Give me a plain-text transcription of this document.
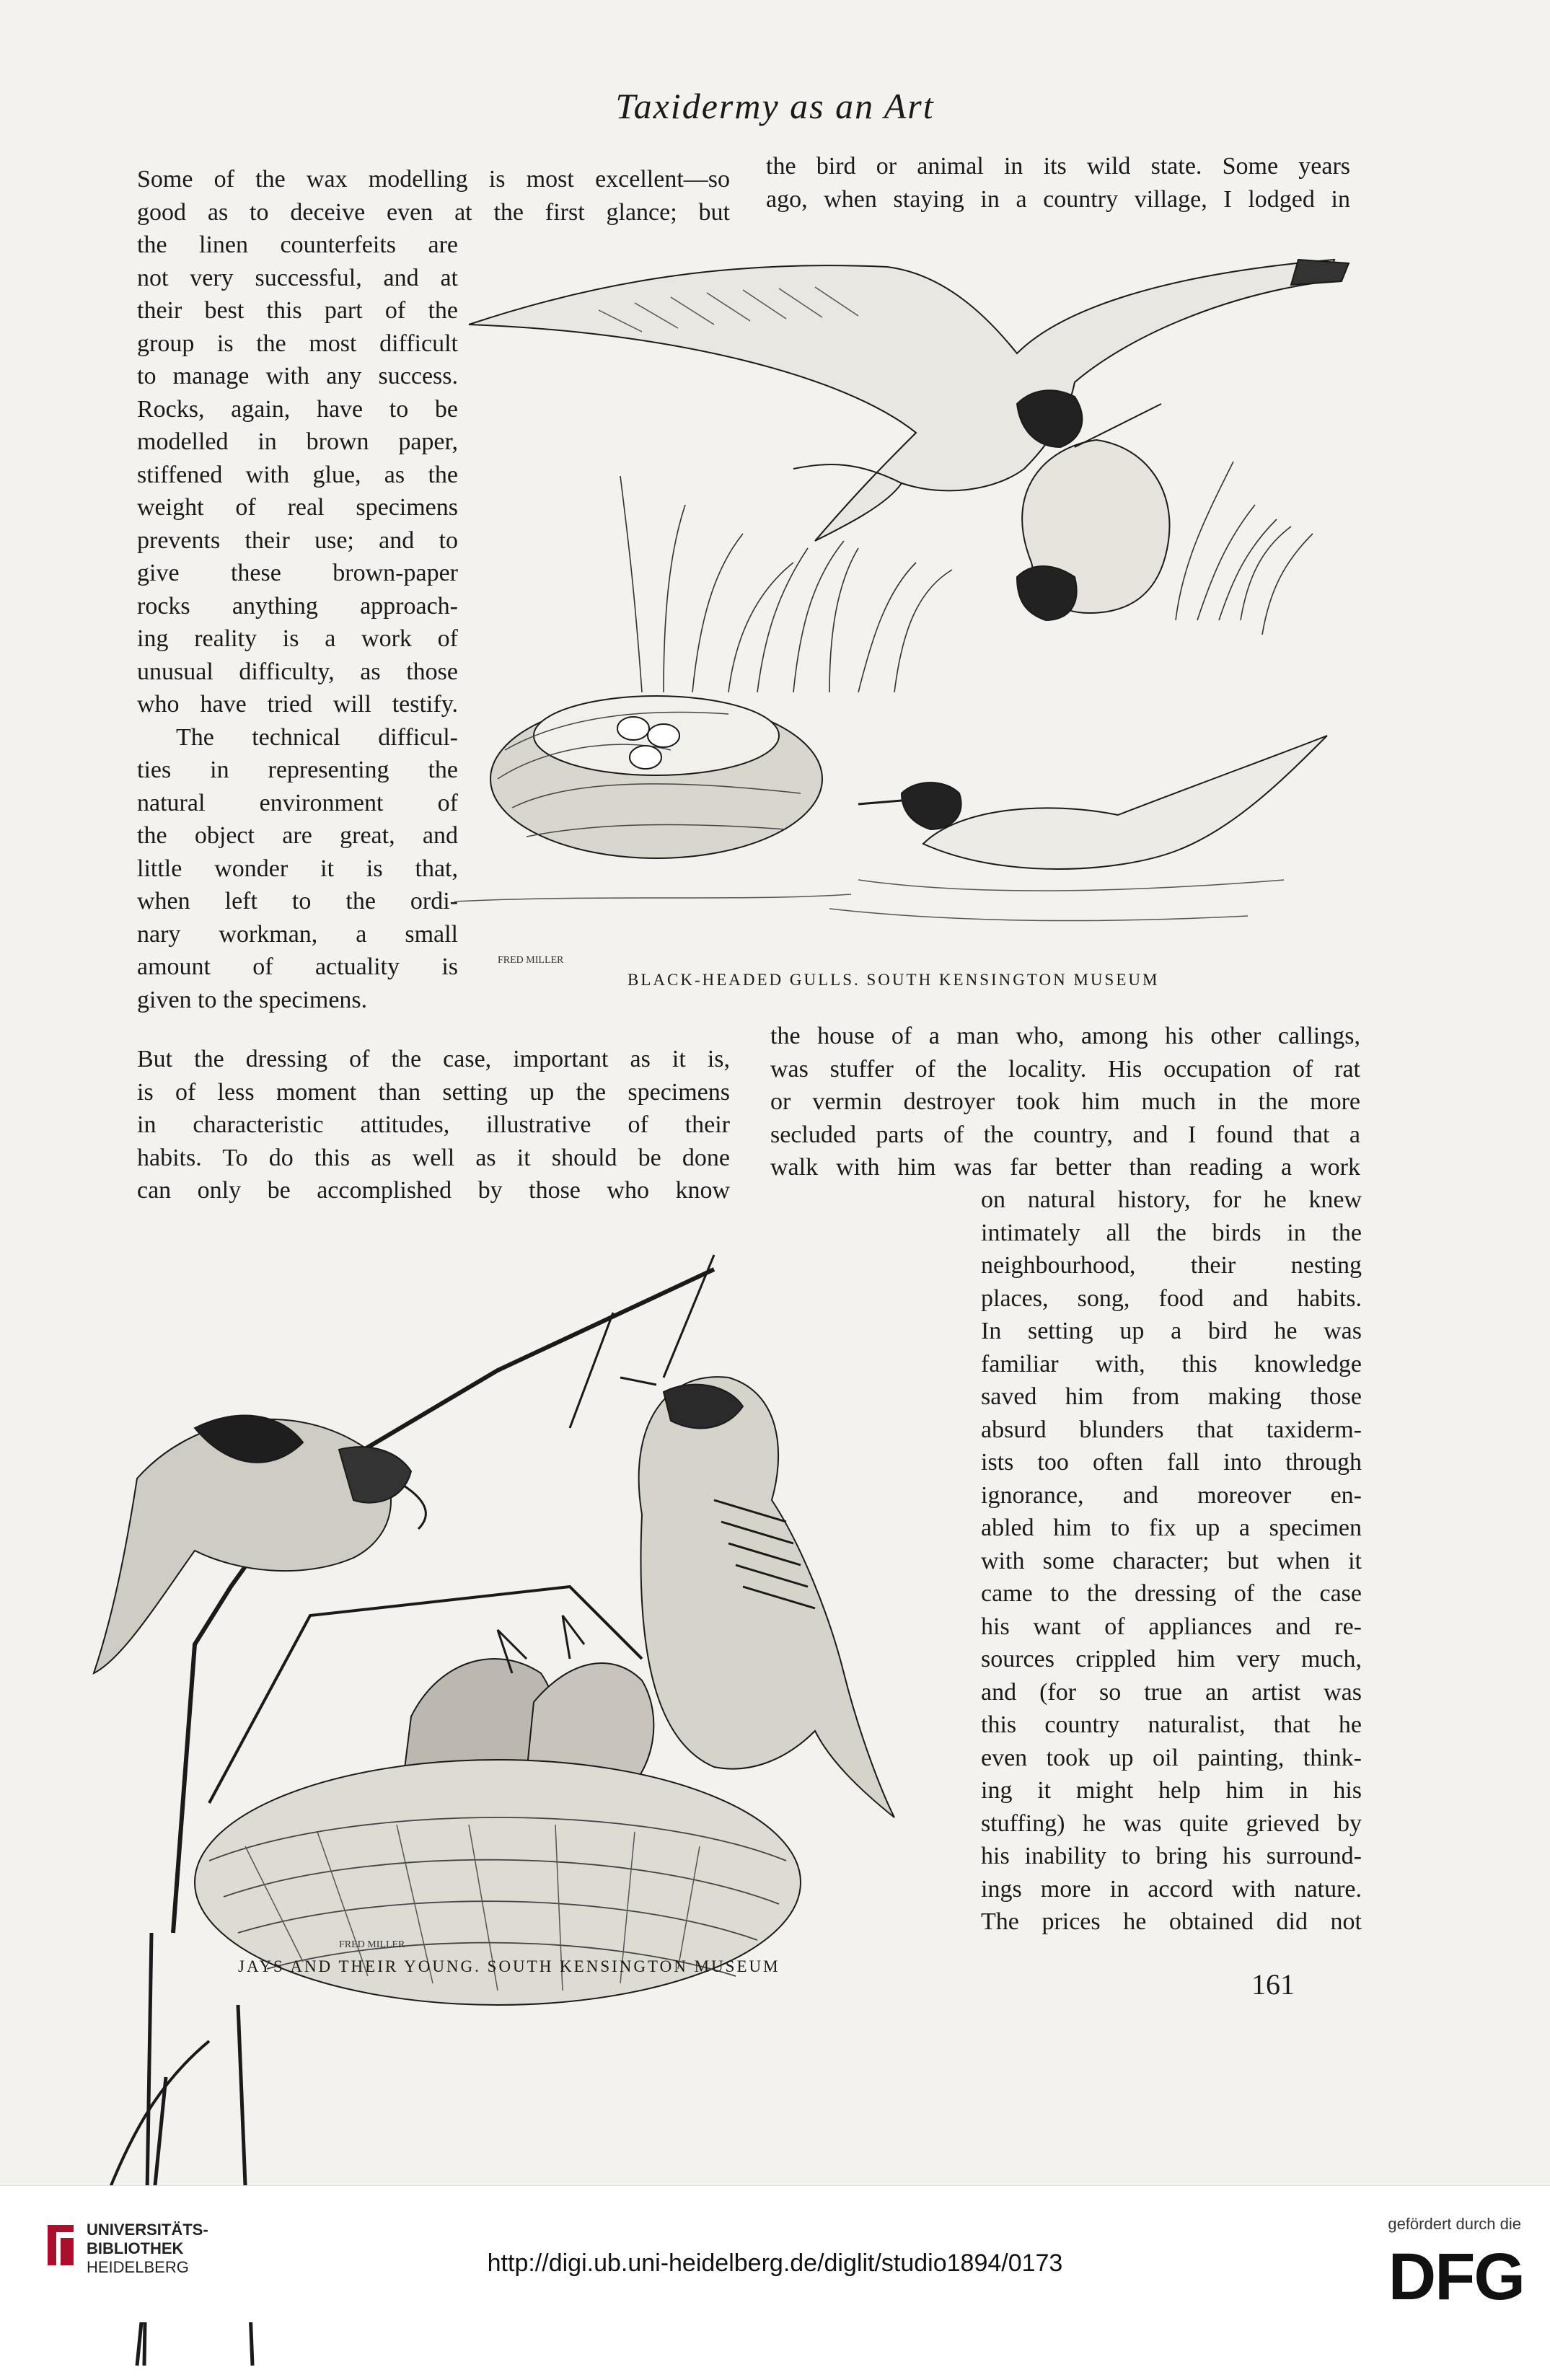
Taxidermy as an Art
Some of the wax modelling is most excellent—so
good as to deceive even at the first glance; but
the linen counterfeits are
not very successful, and at
their best this part of the
group is the most difficult
to manage with any success.
Rocks, again, have to be
modelled in brown paper,
stiffened with glue, as the
weight of real specimens
prevents their use; and to
give these brown-paper
rocks anything approach-
ing reality is a work of
unusual difficulty, as those
who have tried will testify.
The technical difficul-
ties in representing the
natural environment of
the object are great, and
little wonder it is that,
when left to the ordi-
nary workman, a small
amount of actuality is
given to the specimens.
But the dressing of the case, important as it is,
is of less moment than setting up the specimens
in characteristic attitudes, illustrative of their
habits. To do this as well as it should be done
can only be accomplished by those who know
the bird or animal in its wild state. Some years
ago, when staying in a country village, I lodged in
the house of a man who, among his other callings,
was stuffer of the locality. His occupation of rat
or vermin destroyer took him much in the more
secluded parts of the country, and I found that a
walk with him was far better than reading a work
on natural history, for he knew
intimately all the birds in the
neighbourhood, their nesting
places, song, food and habits.
In setting up a bird he was
familiar with, this knowledge
saved him from making those
absurd blunders that taxiderm-
ists too often fall into through
ignorance, and moreover en-
abled him to fix up a specimen
with some character; but when it
came to the dressing of the case
his want of appliances and re-
sources crippled him very much,
and (for so true an artist was
this country naturalist, that he
even took up oil painting, think-
ing it might help him in his
stuffing) he was quite grieved by
his inability to bring his surround-
ings more in accord with nature.
The prices he obtained did not
FRED MILLER
BLACK-HEADED GULLS. SOUTH KENSINGTON MUSEUM
FRED MILLER
JAYS AND THEIR YOUNG. SOUTH KENSINGTON MUSEUM
161
UNIVERSITÄTS-
BIBLIOTHEK
HEIDELBERG	http://digi.ub.uni-heidelberg.de/diglit/studio1894/0173
gefördert durch die
DFG
